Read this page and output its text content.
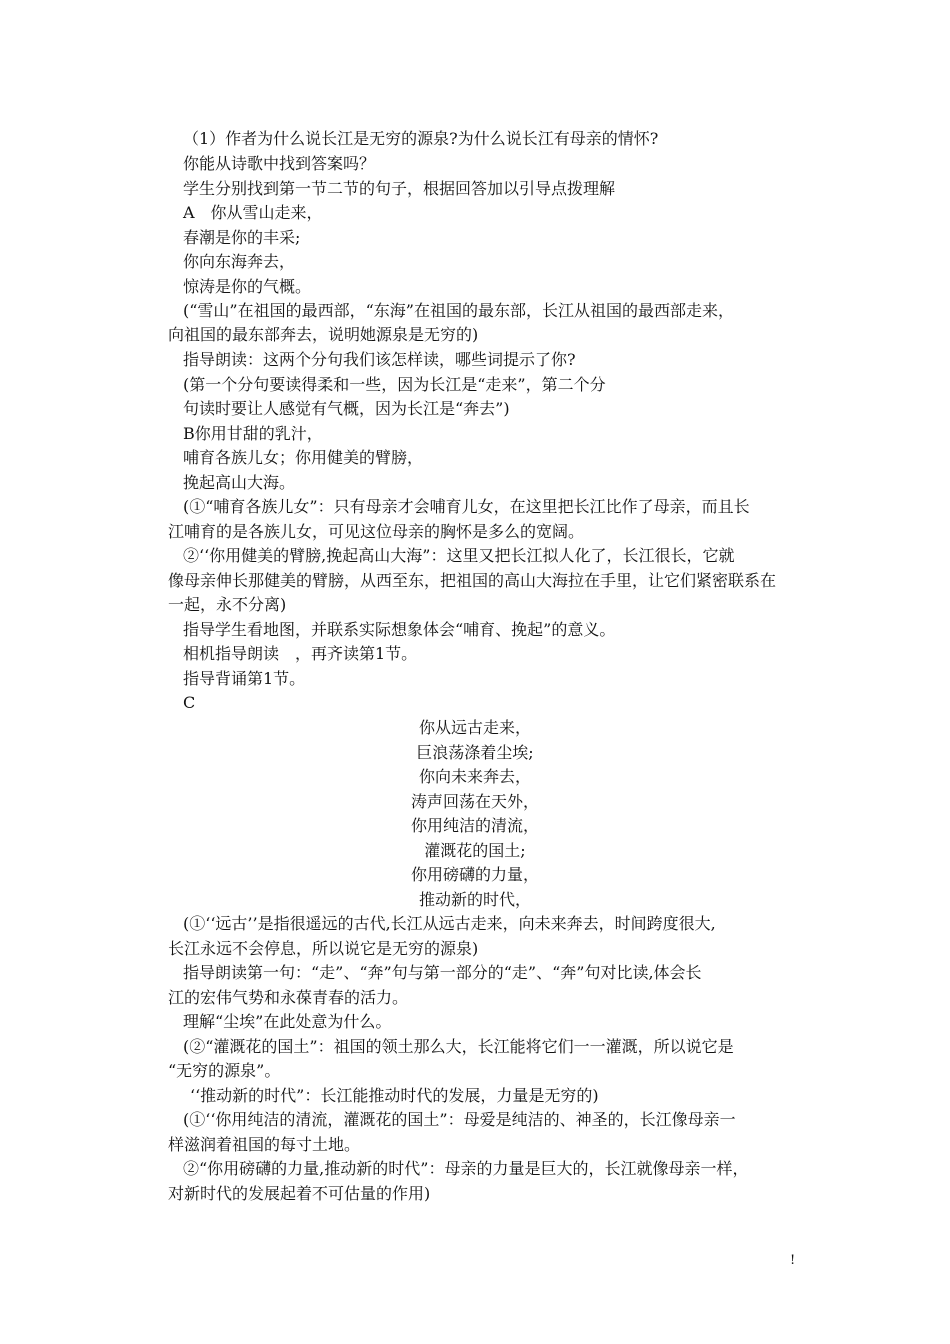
（1）作者为什么说长江是无穷的源泉?为什么说长江有母亲的情怀?
你能从诗歌中找到答案吗？
学生分别找到第一节二节的句子，根据回答加以引导点拨理解
A　你从雪山走来，
春潮是你的丰采;
你向东海奔去，
惊涛是你的气概。
(“雪山”在祖国的最西部，“东海”在祖国的最东部，长江从祖国的最西部走来，
向祖国的最东部奔去，说明她源泉是无穷的)
指导朗读：这两个分句我们该怎样读，哪些词提示了你?
(第一个分句要读得柔和一些，因为长江是“走来”，第二个分
句读时要让人感觉有气概，因为长江是“奔去”)
B你用甘甜的乳汁，
哺育各族儿女；你用健美的臂膀，
挽起高山大海。
(①“哺育各族儿女”：只有母亲才会哺育儿女，在这里把长江比作了母亲，而且长
江哺育的是各族儿女，可见这位母亲的胸怀是多么的宽阔。
②‘‘你用健美的臂膀,挽起高山大海”：这里又把长江拟人化了，长江很长，它就
像母亲伸长那健美的臂膀，从西至东，把祖国的高山大海拉在手里，让它们紧密联系在
一起，永不分离)
指导学生看地图，并联系实际想象体会“哺育、挽起”的意义。
相机指导朗读　，再齐读第1节。
指导背诵第1节。
C
你从远古走来，
巨浪荡涤着尘埃;
你向未来奔去，
涛声回荡在天外，
你用纯洁的清流，
灌溉花的国土;
你用磅礴的力量，
推动新的时代，
(①‘‘远古’’是指很遥远的古代,长江从远古走来，向未来奔去，时间跨度很大,
长江永远不会停息，所以说它是无穷的源泉)
指导朗读第一句：“走”、“奔”句与第一部分的“走”、“奔”句对比读,体会长
江的宏伟气势和永葆青春的活力。
理解“尘埃”在此处意为什么。
(②“灌溉花的国土”：祖国的领土那么大，长江能将它们一一灌溉，所以说它是
“无穷的源泉”。
‘‘推动新的时代”：长江能推动时代的发展，力量是无穷的)
(①‘‘你用纯洁的清流，灌溉花的国土”：母爱是纯洁的、神圣的，长江像母亲一
样滋润着祖国的每寸土地。
②“你用磅礴的力量,推动新的时代”：母亲的力量是巨大的，长江就像母亲一样，
对新时代的发展起着不可估量的作用)
!
